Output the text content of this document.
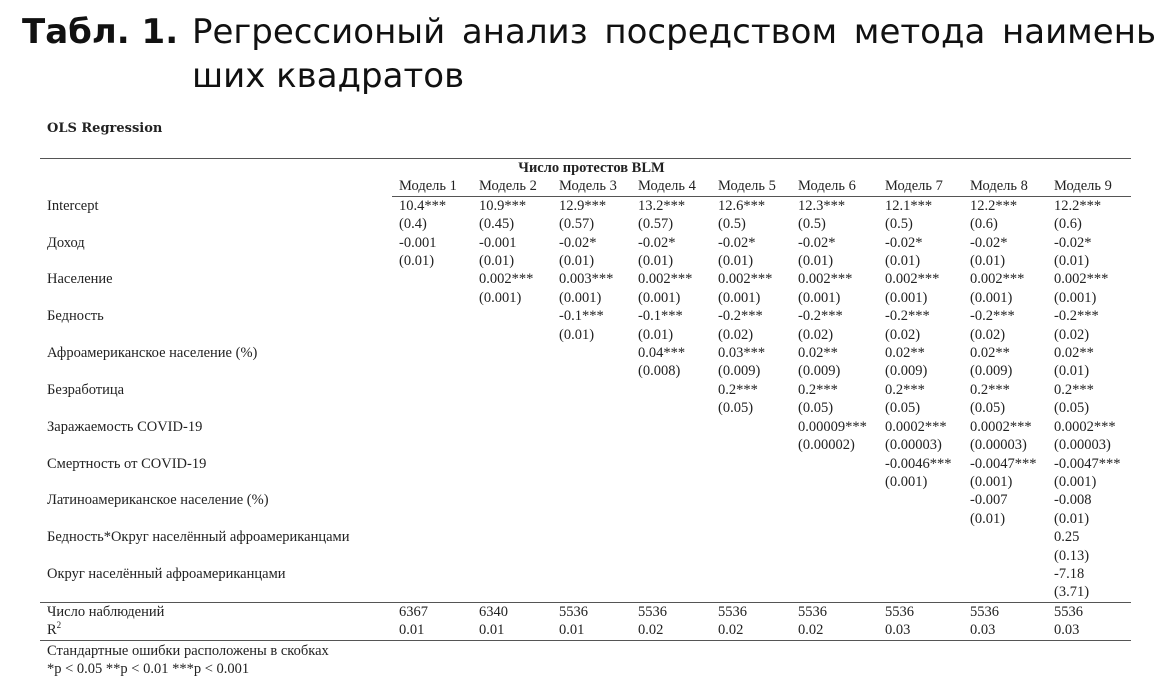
Табл. 1. Регрессионый анализ посредством метода наимень
ших квадратов
OLS Regression
	Число протестов BLM								
	Модель 1	Модель 2	Модель 3	Модель 4	Модель 5	Модель 6	Модель 7	Модель 8	Модель 9
Intercept	10.4***	10.9***	12.9***	13.2***	12.6***	12.3***	12.1***	12.2***	12.2***
	(0.4)	(0.45)	(0.57)	(0.57)	(0.5)	(0.5)	(0.5)	(0.6)	(0.6)
Доход	-0.001	-0.001	-0.02*	-0.02*	-0.02*	-0.02*	-0.02*	-0.02*	-0.02*
	(0.01)	(0.01)	(0.01)	(0.01)	(0.01)	(0.01)	(0.01)	(0.01)	(0.01)
Население		0.002***	0.003***	0.002***	0.002***	0.002***	0.002***	0.002***	0.002***
		(0.001)	(0.001)	(0.001)	(0.001)	(0.001)	(0.001)	(0.001)	(0.001)
Бедность			-0.1***	-0.1***	-0.2***	-0.2***	-0.2***	-0.2***	-0.2***
			(0.01)	(0.01)	(0.02)	(0.02)	(0.02)	(0.02)	(0.02)
Афроамериканское население (%)				0.04***	0.03***	0.02**	0.02**	0.02**	0.02**
				(0.008)	(0.009)	(0.009)	(0.009)	(0.009)	(0.01)
Безработица					0.2***	0.2***	0.2***	0.2***	0.2***
					(0.05)	(0.05)	(0.05)	(0.05)	(0.05)
Заражаемость COVID-19						0.00009***	0.0002***	0.0002***	0.0002***
						(0.00002)	(0.00003)	(0.00003)	(0.00003)
Смертность от COVID-19							-0.0046***	-0.0047***	-0.0047***
							(0.001)	(0.001)	(0.001)
Латиноамериканское население (%)								-0.007	-0.008
								(0.01)	(0.01)
Бедность*Округ населённый афроамериканцами									0.25
									(0.13)
Округ населённый афроамериканцами									-7.18
									(3.71)
Число наблюдений	6367	6340	5536	5536	5536	5536	5536	5536	5536
$R^2$	0.01	0.01	0.01	0.02	0.02	0.02	0.03	0.03	0.03
Стандартные ошибки расположены в скобках
*p < 0.05 **p < 0.01 ***p < 0.001
